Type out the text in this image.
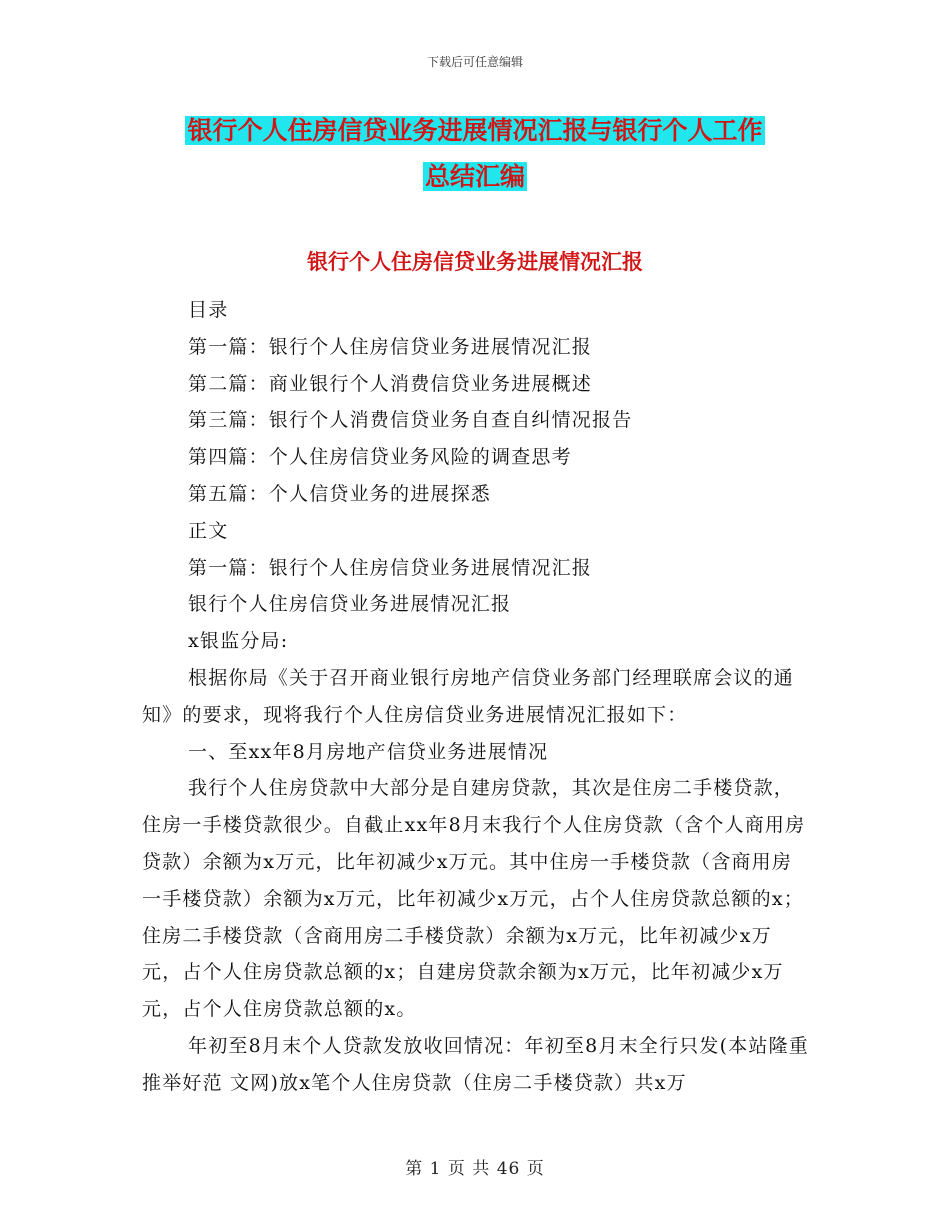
下载后可任意编辑
银行个人住房信贷业务进展情况汇报与银行个人工作
总结汇编
银行个人住房信贷业务进展情况汇报

目录

第一篇：银行个人住房信贷业务进展情况汇报

第二篇：商业银行个人消费信贷业务进展概述

第三篇：银行个人消费信贷业务自查自纠情况报告

第四篇：个人住房信贷业务风险的调查思考

第五篇：个人信贷业务的进展探悉

正文

第一篇：银行个人住房信贷业务进展情况汇报

银行个人住房信贷业务进展情况汇报

x银监分局:

根据你局《关于召开商业银行房地产信贷业务部门经理联席会议的通知》的要求，现将我行个人住房信贷业务进展情况汇报如下：

一、至xx年8月房地产信贷业务进展情况

我行个人住房贷款中大部分是自建房贷款，其次是住房二手楼贷款，住房一手楼贷款很少。自截止xx年8月末我行个人住房贷款（含个人商用房贷款）余额为x万元，比年初减少x万元。其中住房一手楼贷款（含商用房一手楼贷款）余额为x万元，比年初减少x万元，占个人住房贷款总额的x；住房二手楼贷款（含商用房二手楼贷款）余额为x万元，比年初减少x万元，占个人住房贷款总额的x；自建房贷款余额为x万元，比年初减少x万元，占个人住房贷款总额的x。

年初至8月末个人贷款发放收回情况：年初至8月末全行只发(本站隆重推举好范 文网)放x笔个人住房贷款（住房二手楼贷款）共x万

第 1 页 共 46 页
